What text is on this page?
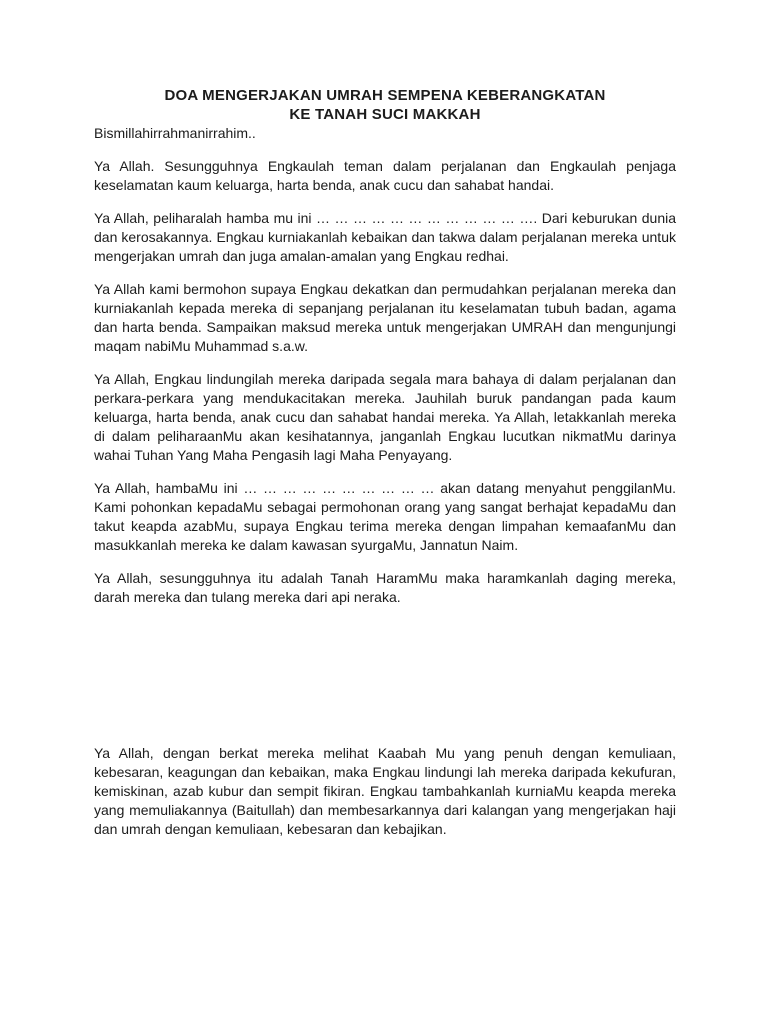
DOA MENGERJAKAN UMRAH SEMPENA KEBERANGKATAN
KE TANAH SUCI MAKKAH

Bismillahirrahmanirrahim..

Ya Allah. Sesungguhnya Engkaulah teman dalam perjalanan dan Engkaulah penjaga keselamatan kaum keluarga, harta benda, anak cucu dan sahabat handai.

Ya Allah, peliharalah hamba mu ini … … … … … … … … … … … …. Dari keburukan dunia dan kerosakannya. Engkau kurniakanlah kebaikan dan takwa dalam perjalanan mereka untuk mengerjakan umrah dan juga amalan-amalan yang Engkau redhai.

Ya Allah kami bermohon supaya Engkau dekatkan dan permudahkan perjalanan mereka dan kurniakanlah kepada mereka di sepanjang perjalanan itu keselamatan tubuh badan, agama dan harta benda. Sampaikan maksud mereka untuk mengerjakan UMRAH dan mengunjungi maqam nabiMu Muhammad s.a.w.

Ya Allah, Engkau lindungilah mereka daripada segala mara bahaya di dalam perjalanan dan perkara-perkara yang mendukacitakan mereka. Jauhilah buruk pandangan pada kaum keluarga, harta benda, anak cucu dan sahabat handai mereka. Ya Allah, letakkanlah mereka di dalam peliharaanMu akan kesihatannya, janganlah Engkau lucutkan nikmatMu darinya wahai Tuhan Yang Maha Pengasih lagi Maha Penyayang.

Ya Allah, hambaMu ini … … … … … … … … … … akan datang menyahut penggilanMu. Kami pohonkan kepadaMu sebagai permohonan orang yang sangat berhajat kepadaMu dan takut keapda azabMu, supaya Engkau terima mereka dengan limpahan kemaafanMu dan masukkanlah mereka ke dalam kawasan syurgaMu, Jannatun Naim.

Ya Allah, sesungguhnya itu adalah Tanah HaramMu maka haramkanlah daging mereka, darah mereka dan tulang mereka dari api neraka.

Ya Allah, dengan berkat mereka melihat Kaabah Mu yang penuh dengan kemuliaan, kebesaran, keagungan dan kebaikan, maka Engkau lindungi lah mereka daripada kekufuran, kemiskinan, azab kubur dan sempit fikiran. Engkau tambahkanlah kurniaMu keapda mereka yang memuliakannya (Baitullah) dan membesarkannya dari kalangan yang mengerjakan haji dan umrah dengan kemuliaan, kebesaran dan kebajikan.
